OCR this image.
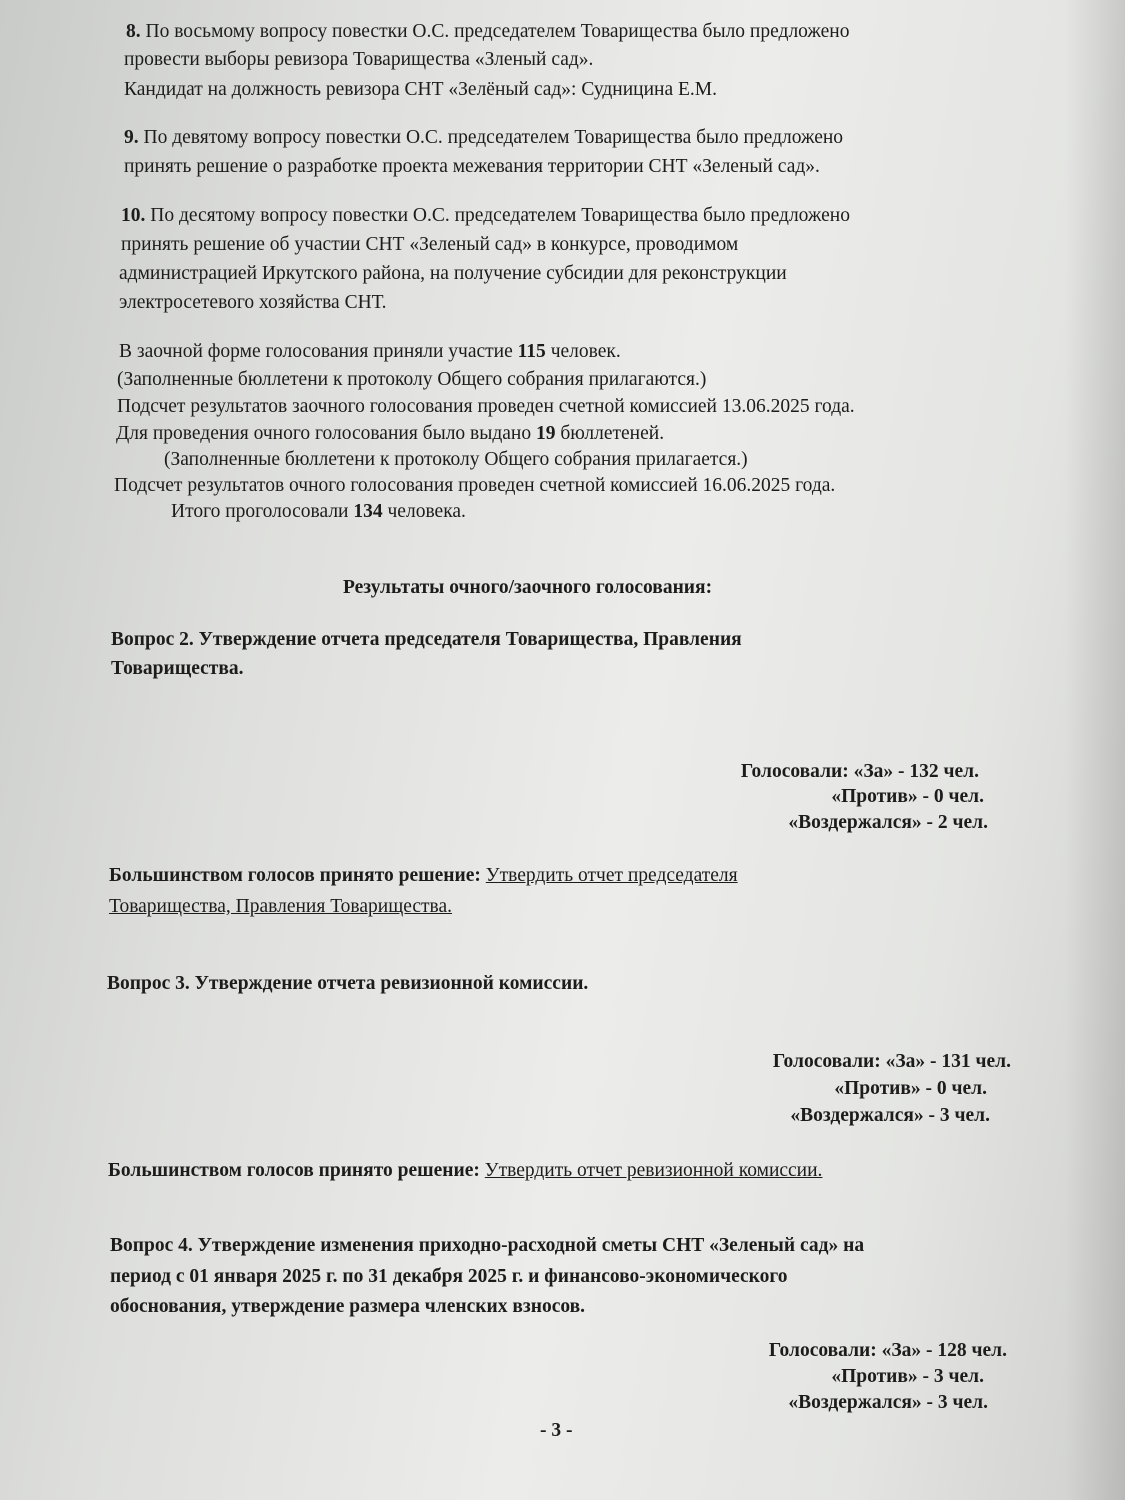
8. По восьмому вопросу повестки О.С. председателем Товарищества было предложено
провести выборы ревизора Товарищества «Зленый сад».
Кандидат на должность ревизора СНТ «Зелёный сад»: Судницина Е.М.
9. По девятому вопросу повестки О.С. председателем Товарищества было предложено
принять решение о разработке проекта межевания территории СНТ «Зеленый сад».
10. По десятому вопросу повестки О.С. председателем Товарищества было предложено
принять решение об участии СНТ «Зеленый сад» в конкурсе, проводимом
администрацией Иркутского района, на получение субсидии для реконструкции
электросетевого хозяйства СНТ.
В заочной форме голосования приняли участие 115 человек.
(Заполненные бюллетени к протоколу Общего собрания прилагаются.)
Подсчет результатов заочного голосования проведен счетной комиссией 13.06.2025 года.
Для проведения очного голосования было выдано 19 бюллетеней.
(Заполненные бюллетени к протоколу Общего собрания прилагается.)
Подсчет результатов очного голосования проведен счетной комиссией 16.06.2025 года.
Итого проголосовали 134 человека.
Результаты очного/заочного голосования:
Вопрос 2. Утверждение отчета председателя Товарищества, Правления
Товарищества.
Голосовали: «За» - 132 чел.
«Против» - 0 чел.
«Воздержался» - 2 чел.
Большинством голосов принято решение: Утвердить отчет председателя
Товарищества, Правления Товарищества.
Вопрос 3. Утверждение отчета ревизионной комиссии.
Голосовали: «За» - 131 чел.
«Против» - 0 чел.
«Воздержался» - 3 чел.
Большинством голосов принято решение: Утвердить отчет ревизионной комиссии.
Вопрос 4. Утверждение изменения приходно-расходной сметы СНТ «Зеленый сад» на
период с 01 января 2025 г. по 31 декабря 2025 г. и финансово-экономического
обоснования, утверждение размера членских взносов.
Голосовали: «За» - 128 чел.
«Против» - 3 чел.
«Воздержался» - 3 чел.
- 3 -
